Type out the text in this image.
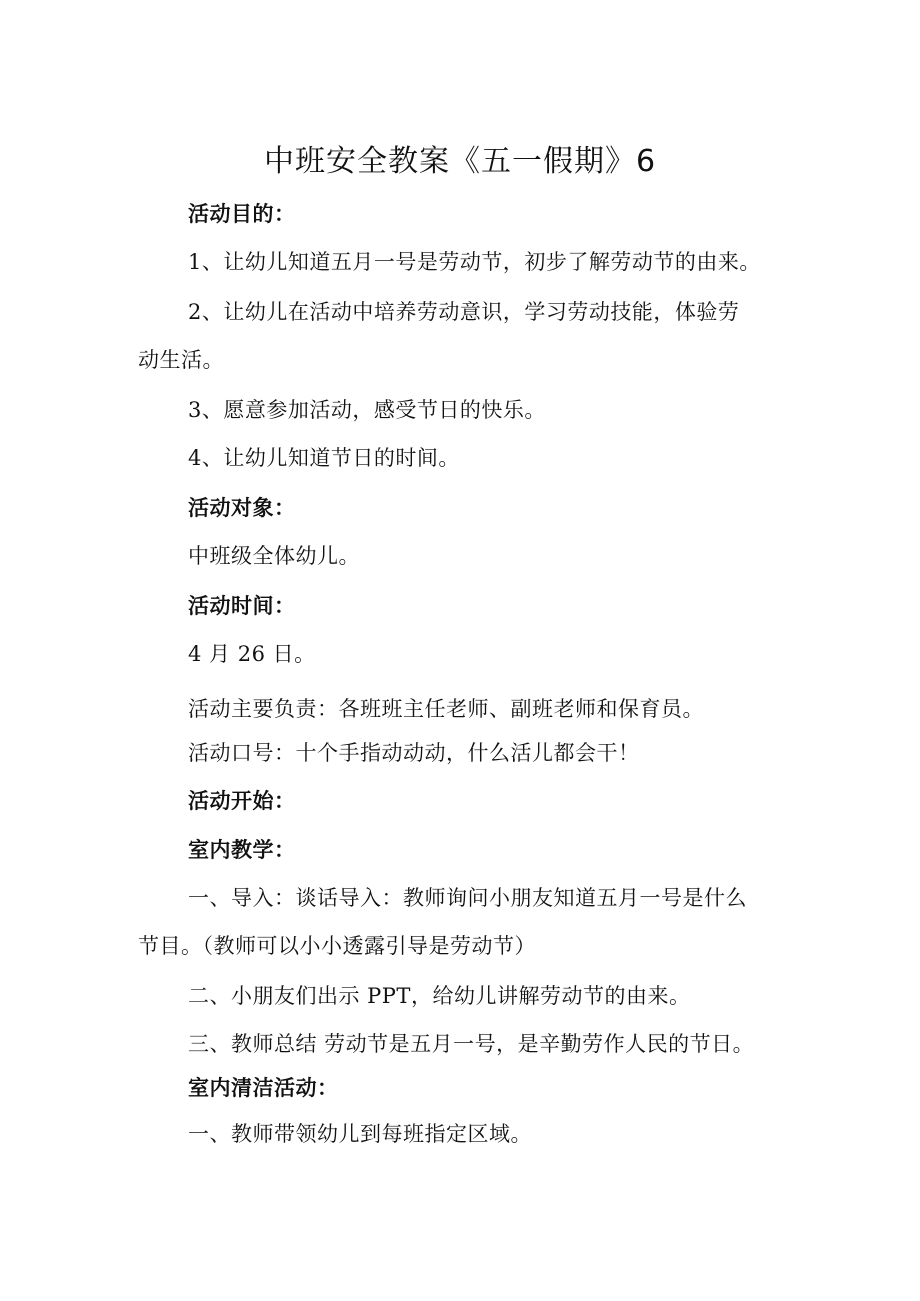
中班安全教案《五一假期》6
活动目的：
1、让幼儿知道五月一号是劳动节，初步了解劳动节的由来。
2、让幼儿在活动中培养劳动意识，学习劳动技能，体验劳
动生活。
3、愿意参加活动，感受节日的快乐。
4、让幼儿知道节日的时间。
活动对象：
中班级全体幼儿。
活动时间：
4 月 26 日。
活动主要负责：各班班主任老师、副班老师和保育员。
活动口号：十个手指动动动，什么活儿都会干！
活动开始：
室内教学：
一、导入：谈话导入：教师询问小朋友知道五月一号是什么
节目。（教师可以小小透露引导是劳动节）
二、小朋友们出示 PPT，给幼儿讲解劳动节的由来。
三、教师总结 劳动节是五月一号，是辛勤劳作人民的节日。
室内清洁活动：
一、教师带领幼儿到每班指定区域。
